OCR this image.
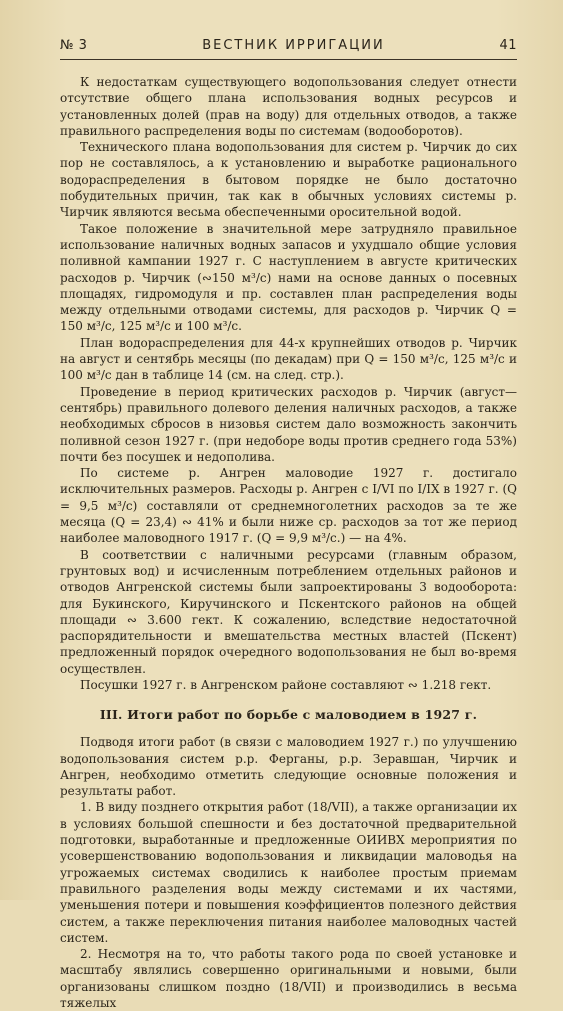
№ 3	ВЕСТНИК ИРРИГАЦИИ	41

К недостаткам существующего водопользования следует отнести отсутствие общего плана использования водных ресурсов и установленных долей (прав на воду) для отдельных отводов, а также правильного распределения воды по системам (водооборотов).

Технического плана водопользования для систем р. Чирчик до сих пор не составлялось, а к установлению и выработке рационального водораспределения в бытовом порядке не было достаточно побудительных причин, так как в обычных условиях системы р. Чирчик являются весьма обеспеченными оросительной водой.

Такое положение в значительной мере затрудняло правильное использование наличных водных запасов и ухудшало общие условия поливной кампании 1927 г. С наступлением в августе критических расходов р. Чирчик (∾150 м³/с) нами на основе данных о посевных площадях, гидромодуля и пр. составлен план распределения воды между отдельными отводами системы, для расходов р. Чирчик Q = 150 м³/с, 125 м³/с и 100 м³/с.

План водораспределения для 44-х крупнейших отводов р. Чирчик на август и сентябрь месяцы (по декадам) при Q = 150 м³/с, 125 м³/с и 100 м³/с дан в таблице 14 (см. на след. стр.).

Проведение в период критических расходов р. Чирчик (август—сентябрь) правильного долевого деления наличных расходов, а также необходимых сбросов в низовья систем дало возможность закончить поливной сезон 1927 г. (при недоборе воды против среднего года 53%) почти без посушек и недополива.

По системе р. Ангрен маловодие 1927 г. достигало исключительных размеров. Расходы р. Ангрен с I/VI по I/IX в 1927 г. (Q = 9,5 м³/с) составляли от среднемноголетних расходов за те же месяца (Q = 23,4) ∾ 41% и были ниже ср. расходов за тот же период наиболее маловодного 1917 г. (Q = 9,9 м³/с.) — на 4%.

В соответствии с наличными ресурсами (главным образом, грунтовых вод) и исчисленным потреблением отдельных районов и отводов Ангренской системы были запроектированы 3 водооборота: для Букинского, Киручинского и Пскентского районов на общей площади ∾ 3.600 гект. К сожалению, вследствие недостаточной распорядительности и вмешательства местных властей (Пскент) предложенный порядок очередного водопользования не был во-время осуществлен.

Посушки 1927 г. в Ангренском районе составляют ∾ 1.218 гект.

III. Итоги работ по борьбе с маловодием в 1927 г.

Подводя итоги работ (в связи с маловодием 1927 г.) по улучшению водопользования систем р.р. Ферганы, р.р. Зеравшан, Чирчик и Ангрен, необходимо отметить следующие основные положения и результаты работ.

1. В виду позднего открытия работ (18/VII), а также организации их в условиях большой спешности и без достаточной предварительной подготовки, выработанные и предложенные ОИИВХ мероприятия по усовершенствованию водопользования и ликвидации маловодья на угрожаемых системах сводились к наиболее простым приемам правильного разделения воды между системами и их частями, уменьшения потери и повышения коэффициентов полезного действия систем, а также переключения питания наиболее маловодных частей систем.

2. Несмотря на то, что работы такого рода по своей установке и масштабу являлись совершенно оригинальными и новыми, были организованы слишком поздно (18/VII) и производились в весьма тяжелых
